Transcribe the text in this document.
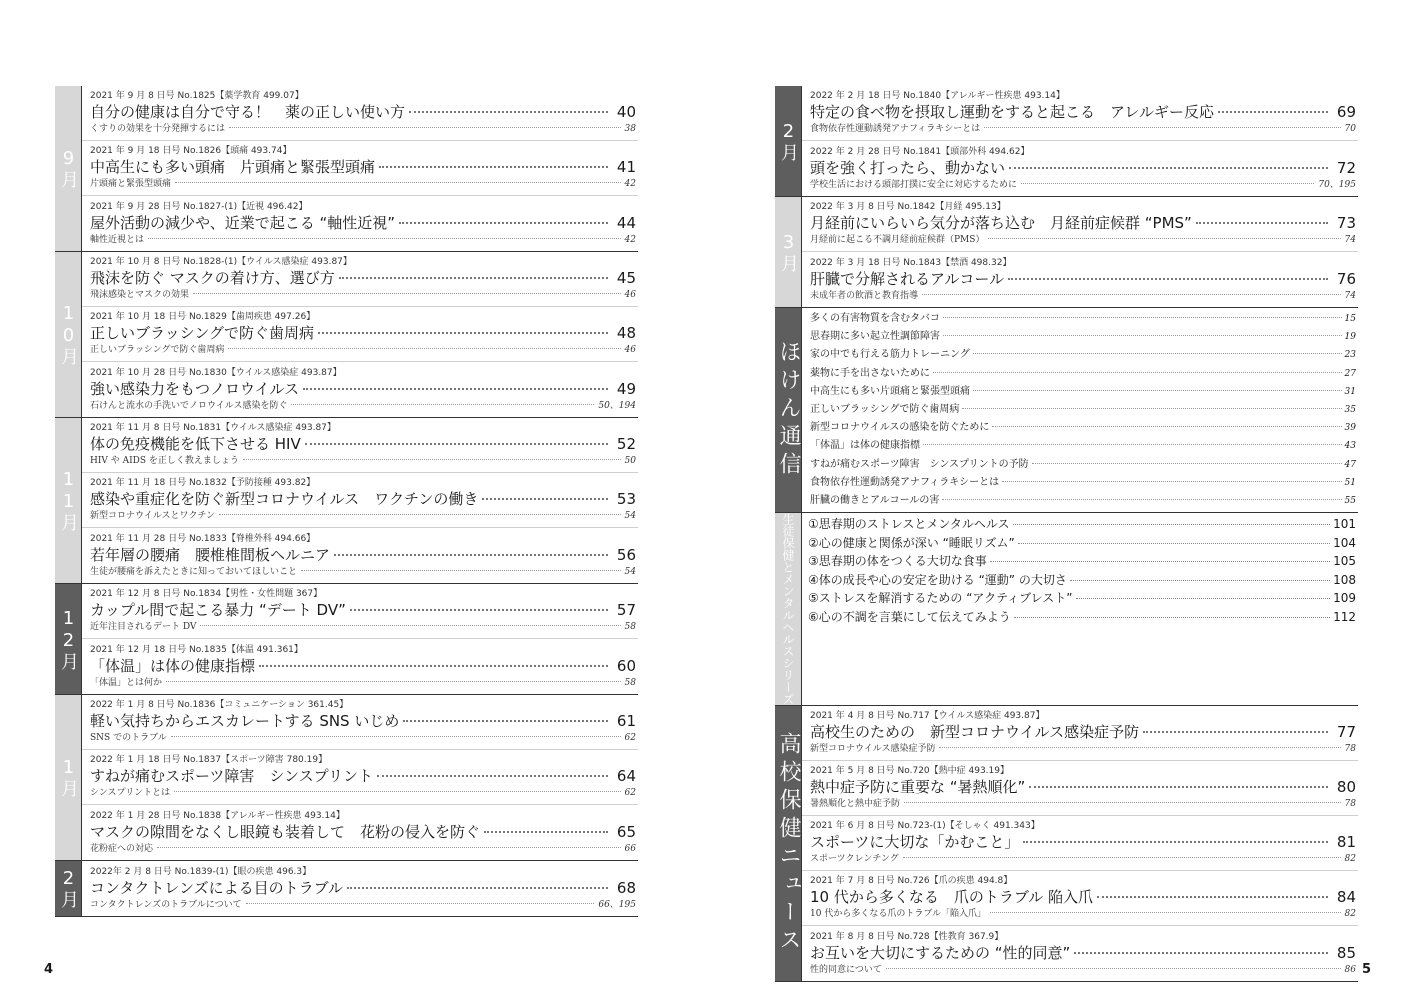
9月
2021 年 9 月 8 日号 No.1825【薬学教育 499.07】
自分の健康は自分で守る！　薬の正しい使い方	40
くすりの効果を十分発揮するには	38
2021 年 9 月 18 日号 No.1826【頭痛 493.74】
中高生にも多い頭痛　片頭痛と緊張型頭痛	41
片頭痛と緊張型頭痛	42
2021 年 9 月 28 日号 No.1827-(1)【近視 496.42】
屋外活動の減少や、近業で起こる “軸性近視”	44
軸性近視とは	42
10月
2021 年 10 月 8 日号 No.1828-(1)【ウイルス感染症 493.87】
飛沫を防ぐ マスクの着け方、選び方	45
飛沫感染とマスクの効果	46
2021 年 10 月 18 日号 No.1829【歯周疾患 497.26】
正しいブラッシングで防ぐ歯周病	48
正しいブラッシングで防ぐ歯周病	46
2021 年 10 月 28 日号 No.1830【ウイルス感染症 493.87】
強い感染力をもつノロウイルス	49
石けんと流水の手洗いでノロウイルス感染を防ぐ	50、194
11月
2021 年 11 月 8 日号 No.1831【ウイルス感染症 493.87】
体の免疫機能を低下させる HIV	52
HIV や AIDS を正しく教えましょう	50
2021 年 11 月 18 日号 No.1832【予防接種 493.82】
感染や重症化を防ぐ新型コロナウイルス　ワクチンの働き	53
新型コロナウイルスとワクチン	54
2021 年 11 月 28 日号 No.1833【脊椎外科 494.66】
若年層の腰痛　腰椎椎間板ヘルニア	56
生徒が腰痛を訴えたときに知っておいてほしいこと	54
12月
2021 年 12 月 8 日号 No.1834【男性・女性問題 367】
カップル間で起こる暴力 “デート DV”	57
近年注目されるデート DV	58
2021 年 12 月 18 日号 No.1835【体温 491.361】
「体温」は体の健康指標	60
「体温」とは何か	58
1月
2022 年 1 月 8 日号 No.1836【コミュニケーション 361.45】
軽い気持ちからエスカレートする SNS いじめ	61
SNS でのトラブル	62
2022 年 1 月 18 日号 No.1837【スポーツ障害 780.19】
すねが痛むスポーツ障害　シンスプリント	64
シンスプリントとは	62
2022 年 1 月 28 日号 No.1838【アレルギー性疾患 493.14】
マスクの隙間をなくし眼鏡も装着して　花粉の侵入を防ぐ	65
花粉症への対応	66
2月 2022年 2 月 8 日号 No.1839-(1)【眼の疾患 496.3】
コンタクトレンズによる目のトラブル	68
コンタクトレンズのトラブルについて	66、195
2月
2022 年 2 月 18 日号 No.1840【アレルギー性疾患 493.14】
特定の食べ物を摂取し運動をすると起こる　アレルギー反応	69
食物依存性運動誘発アナフィラキシーとは	70
2022 年 2 月 28 日号 No.1841【頭部外科 494.62】
頭を強く打ったら、動かない	72
学校生活における頭部打撲に安全に対応するために	70、195
3月
2022 年 3 月 8 日号 No.1842【月経 495.13】
月経前にいらいら気分が落ち込む　月経前症候群 “PMS”	73
月経前に起こる不調月経前症候群（PMS）	74
2022 年 3 月 18 日号 No.1843【禁酒 498.32】
肝臓で分解されるアルコール	76
未成年者の飲酒と教育指導	74
ほけん通信
多くの有害物質を含むタバコ	15
思春期に多い起立性調節障害	19
家の中でも行える筋力トレーニング	23
薬物に手を出さないために	27
中高生にも多い片頭痛と緊張型頭痛	31
正しいブラッシングで防ぐ歯周病	35
新型コロナウイルスの感染を防ぐために	39
「体温」は体の健康指標	43
すねが痛むスポーツ障害　シンスプリントの予防	47
食物依存性運動誘発アナフィラキシーとは	51
肝臓の働きとアルコールの害	55
生徒保健とメンタルヘルスシリーズ ①思春期のストレスとメンタルヘルス	101
②心の健康と関係が深い “睡眠リズム”	104
③思春期の体をつくる大切な食事	105
④体の成長や心の安定を助ける “運動” の大切さ	108
⑤ストレスを解消するための “アクティブレスト”	109
⑥心の不調を言葉にして伝えてみよう	112
高校保健ニュース
2021 年 4 月 8 日号 No.717【ウイルス感染症 493.87】
高校生のための　新型コロナウイルス感染症予防	77
新型コロナウイルス感染症予防	78
2021 年 5 月 8 日号 No.720【熱中症 493.19】
熱中症予防に重要な “暑熱順化”	80
暑熱順化と熱中症予防	78
2021 年 6 月 8 日号 No.723-(1)【そしゃく 491.343】
スポーツに大切な「かむこと」	81
スポーツクレンチング	82
2021 年 7 月 8 日号 No.726【爪の疾患 494.8】
10 代から多くなる　爪のトラブル 陥入爪	84
10 代から多くなる爪のトラブル「陥入爪」	82
2021 年 8 月 8 日号 No.728【性教育 367.9】
お互いを大切にするための “性的同意”	85
性的同意について	86
4	5
